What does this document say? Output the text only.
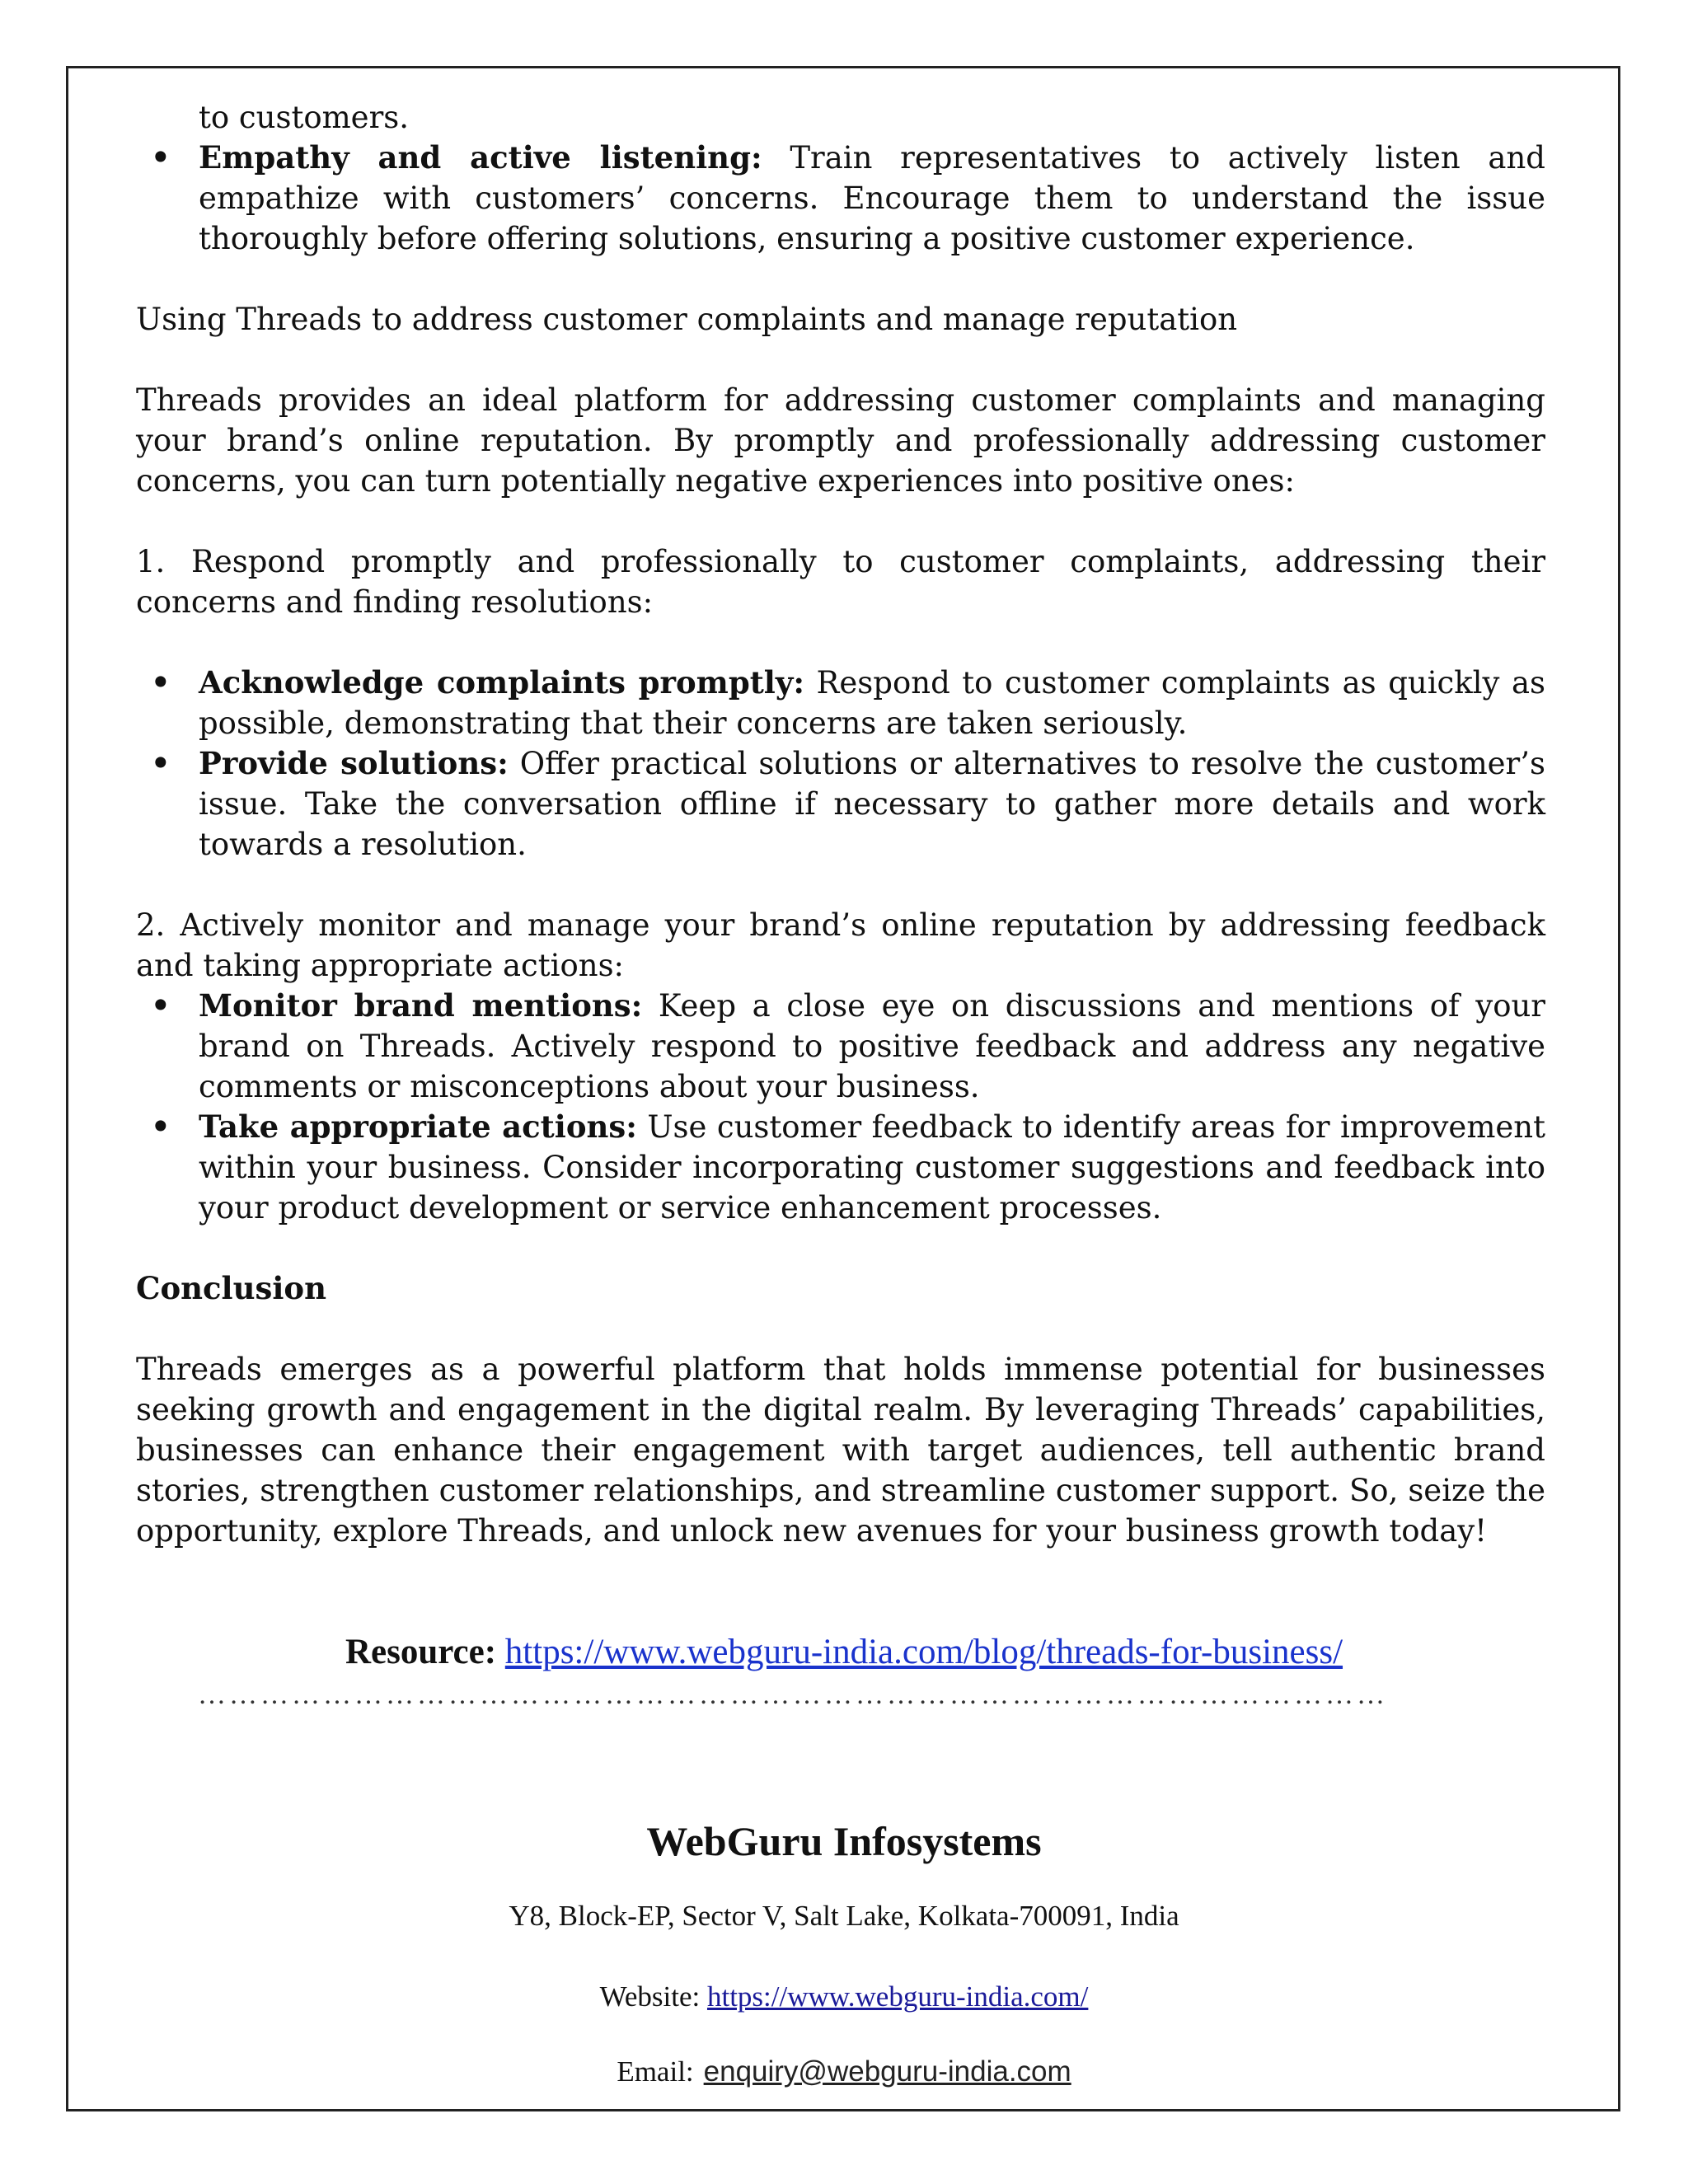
to customers.

• Empathy and active listening: Train representatives to actively listen and empathize with customers’ concerns. Encourage them to understand the issue thoroughly before offering solutions, ensuring a positive customer experience.

Using Threads to address customer complaints and manage reputation

Threads provides an ideal platform for addressing customer complaints and managing your brand’s online reputation. By promptly and professionally addressing customer concerns, you can turn potentially negative experiences into positive ones:

1. Respond promptly and professionally to customer complaints, addressing their concerns and finding resolutions:

• Acknowledge complaints promptly: Respond to customer complaints as quickly as possible, demonstrating that their concerns are taken seriously.
• Provide solutions: Offer practical solutions or alternatives to resolve the customer’s issue. Take the conversation offline if necessary to gather more details and work towards a resolution.

2. Actively monitor and manage your brand’s online reputation by addressing feedback and taking appropriate actions:

• Monitor brand mentions: Keep a close eye on discussions and mentions of your brand on Threads. Actively respond to positive feedback and address any negative comments or misconceptions about your business.
• Take appropriate actions: Use customer feedback to identify areas for improvement within your business. Consider incorporating customer suggestions and feedback into your product development or service enhancement processes.

Conclusion

Threads emerges as a powerful platform that holds immense potential for businesses seeking growth and engagement in the digital realm. By leveraging Threads’ capabilities, businesses can enhance their engagement with target audiences, tell authentic brand stories, strengthen customer relationships, and streamline customer support. So, seize the opportunity, explore Threads, and unlock new avenues for your business growth today!

Resource: https://www.webguru-india.com/blog/threads-for-business/
……………………………………………………………………………………………………
WebGuru Infosystems
Y8, Block-EP, Sector V, Salt Lake, Kolkata-700091, India
Website: https://www.webguru-india.com/
Email: enquiry@webguru-india.com
